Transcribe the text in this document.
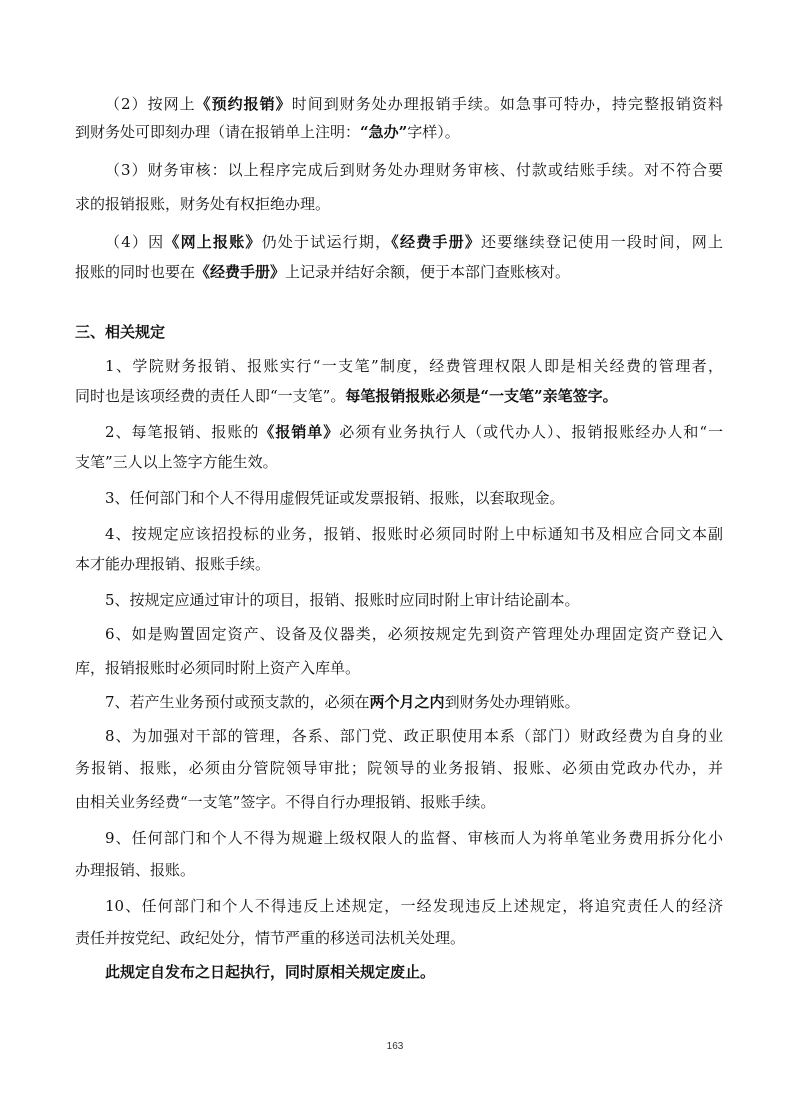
（2）按网上《预约报销》时间到财务处办理报销手续。如急事可特办，持完整报销资料
到财务处可即刻办理（请在报销单上注明：“急办”字样）。
（3）财务审核：以上程序完成后到财务处办理财务审核、付款或结账手续。对不符合要
求的报销报账，财务处有权拒绝办理。
（4）因《网上报账》仍处于试运行期，《经费手册》还要继续登记使用一段时间，网上
报账的同时也要在《经费手册》上记录并结好余额，便于本部门查账核对。
三、相关规定
1、学院财务报销、报账实行“一支笔”制度，经费管理权限人即是相关经费的管理者，
同时也是该项经费的责任人即“一支笔”。每笔报销报账必须是“一支笔”亲笔签字。
2、每笔报销、报账的《报销单》必须有业务执行人（或代办人）、报销报账经办人和“一
支笔”三人以上签字方能生效。
3、任何部门和个人不得用虚假凭证或发票报销、报账，以套取现金。
4、按规定应该招投标的业务，报销、报账时必须同时附上中标通知书及相应合同文本副
本才能办理报销、报账手续。
5、按规定应通过审计的项目，报销、报账时应同时附上审计结论副本。
6、如是购置固定资产、设备及仪器类，必须按规定先到资产管理处办理固定资产登记入
库，报销报账时必须同时附上资产入库单。
7、若产生业务预付或预支款的，必须在两个月之内到财务处办理销账。
8、为加强对干部的管理，各系、部门党、政正职使用本系（部门）财政经费为自身的业
务报销、报账，必须由分管院领导审批；院领导的业务报销、报账、必须由党政办代办，并
由相关业务经费“一支笔”签字。不得自行办理报销、报账手续。
9、任何部门和个人不得为规避上级权限人的监督、审核而人为将单笔业务费用拆分化小
办理报销、报账。
10、任何部门和个人不得违反上述规定，一经发现违反上述规定，将追究责任人的经济
责任并按党纪、政纪处分，情节严重的移送司法机关处理。
此规定自发布之日起执行，同时原相关规定废止。
163
